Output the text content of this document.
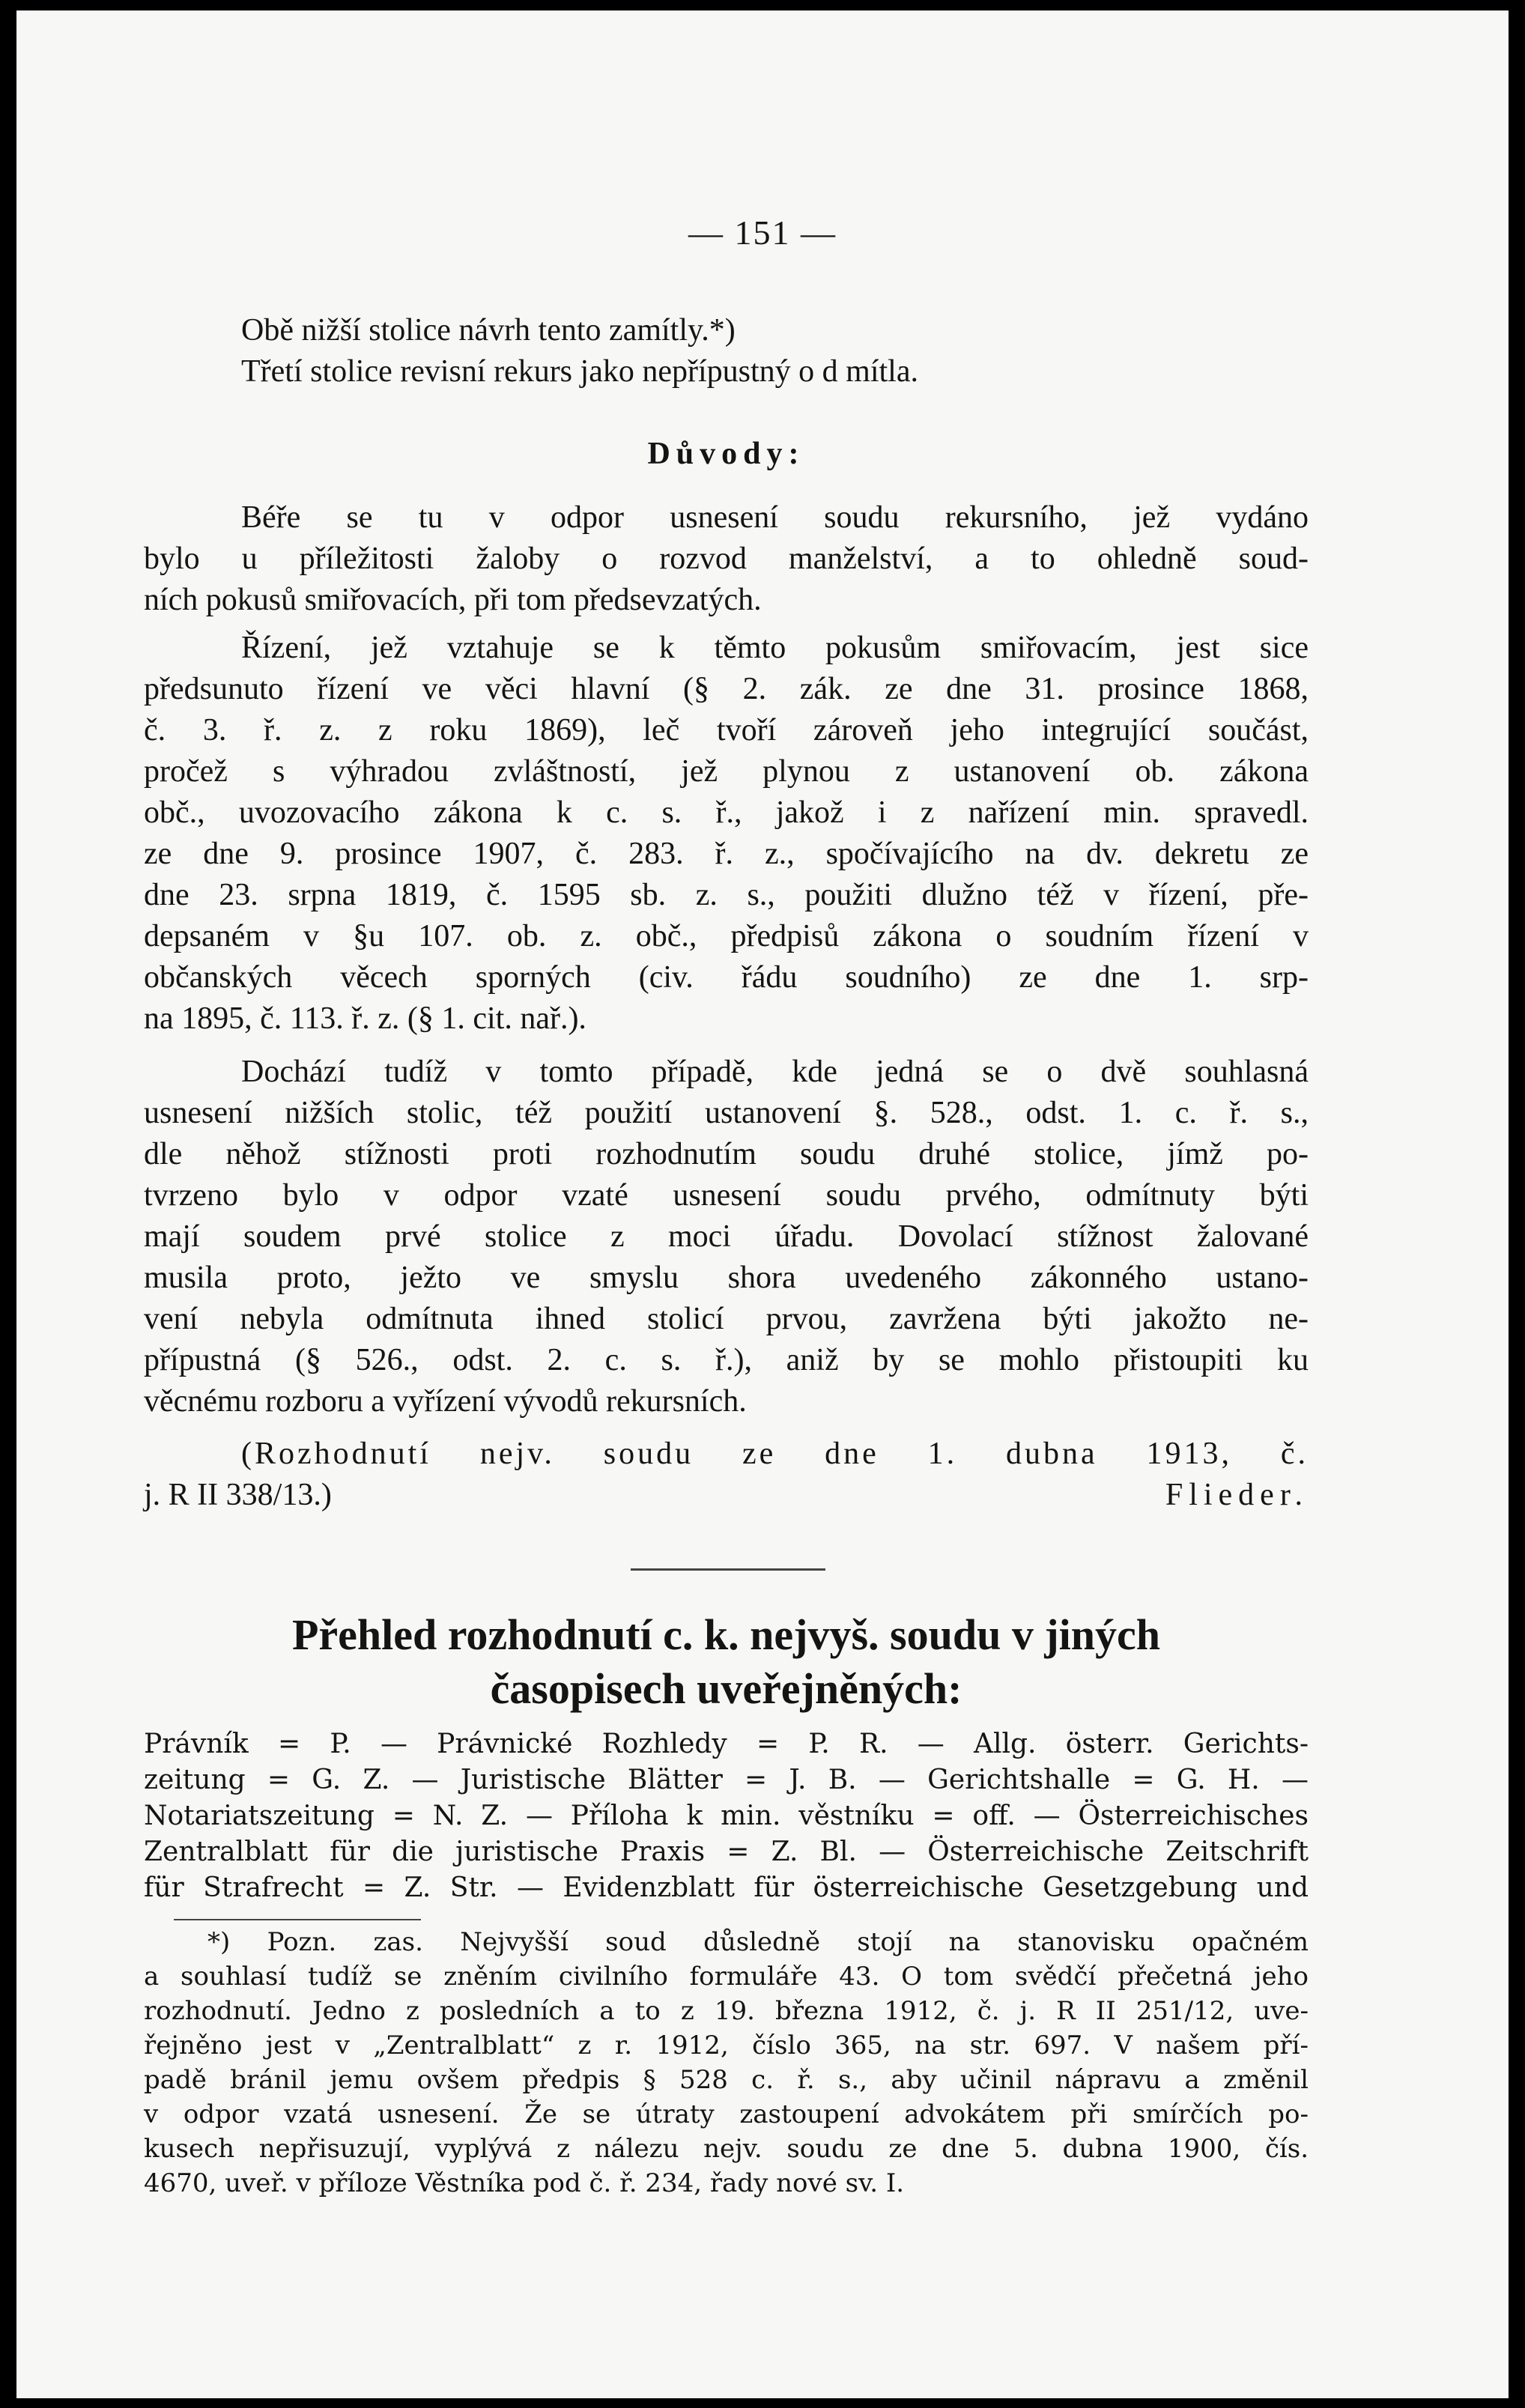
— 151 —
Obě nižší stolice návrh tento zamítly.*)
Třetí stolice revisní rekurs jako nepřípustný o d mítla.
Důvody:
Béře se tu v odpor usnesení soudu rekursního, jež vydáno
bylo u příležitosti žaloby o rozvod manželství, a to ohledně soud-
ních pokusů smiřovacích, při tom předsevzatých.
Řízení, jež vztahuje se k těmto pokusům smiřovacím, jest sice
předsunuto řízení ve věci hlavní (§ 2. zák. ze dne 31. prosince 1868,
č. 3. ř. z. z roku 1869), leč tvoří zároveň jeho integrující součást,
pročež s výhradou zvláštností, jež plynou z ustanovení ob. zákona
obč., uvozovacího zákona k c. s. ř., jakož i z nařízení min. spravedl.
ze dne 9. prosince 1907, č. 283. ř. z., spočívajícího na dv. dekretu ze
dne 23. srpna 1819, č. 1595 sb. z. s., použiti dlužno též v řízení, pře-
depsaném v §u 107. ob. z. obč., předpisů zákona o soudním řízení v
občanských věcech sporných (civ. řádu soudního) ze dne 1. srp-
na 1895, č. 113. ř. z. (§ 1. cit. nař.).
Dochází tudíž v tomto případě, kde jedná se o dvě souhlasná
usnesení nižších stolic, též použití ustanovení §. 528., odst. 1. c. ř. s.,
dle něhož stížnosti proti rozhodnutím soudu druhé stolice, jímž po-
tvrzeno bylo v odpor vzaté usnesení soudu prvého, odmítnuty býti
mají soudem prvé stolice z moci úřadu. Dovolací stížnost žalované
musila proto, ježto ve smyslu shora uvedeného zákonného ustano-
vení nebyla odmítnuta ihned stolicí prvou, zavržena býti jakožto ne-
přípustná (§ 526., odst. 2. c. s. ř.), aniž by se mohlo přistoupiti ku
věcnému rozboru a vyřízení vývodů rekursních.
(Rozhodnutí nejv. soudu ze dne 1. dubna 1913, č.
j. R II 338/13.)	Flieder.
Přehled rozhodnutí c. k. nejvyš. soudu v jiných
časopisech uveřejněných:
Právník = P. — Právnické Rozhledy = P. R. — Allg. österr. Gerichts-
zeitung = G. Z. — Juristische Blätter = J. B. — Gerichtshalle = G. H. —
Notariatszeitung = N. Z. — Příloha k min. věstníku = off. — Österreichisches
Zentralblatt für die juristische Praxis = Z. Bl. — Österreichische Zeitschrift
für Strafrecht = Z. Str. — Evidenzblatt für österreichische Gesetzgebung und
*) Pozn. zas. Nejvyšší soud důsledně stojí na stanovisku opačném
a souhlasí tudíž se zněním civilního formuláře 43. O tom svědčí přečetná jeho
rozhodnutí. Jedno z posledních a to z 19. března 1912, č. j. R II 251/12, uve-
řejněno jest v „Zentralblatt“ z r. 1912, číslo 365, na str. 697. V našem pří-
padě bránil jemu ovšem předpis § 528 c. ř. s., aby učinil nápravu a změnil
v odpor vzatá usnesení. Že se útraty zastoupení advokátem při smírčích po-
kusech nepřisuzují, vyplývá z nálezu nejv. soudu ze dne 5. dubna 1900, čís.
4670, uveř. v příloze Věstníka pod č. ř. 234, řady nové sv. I.
